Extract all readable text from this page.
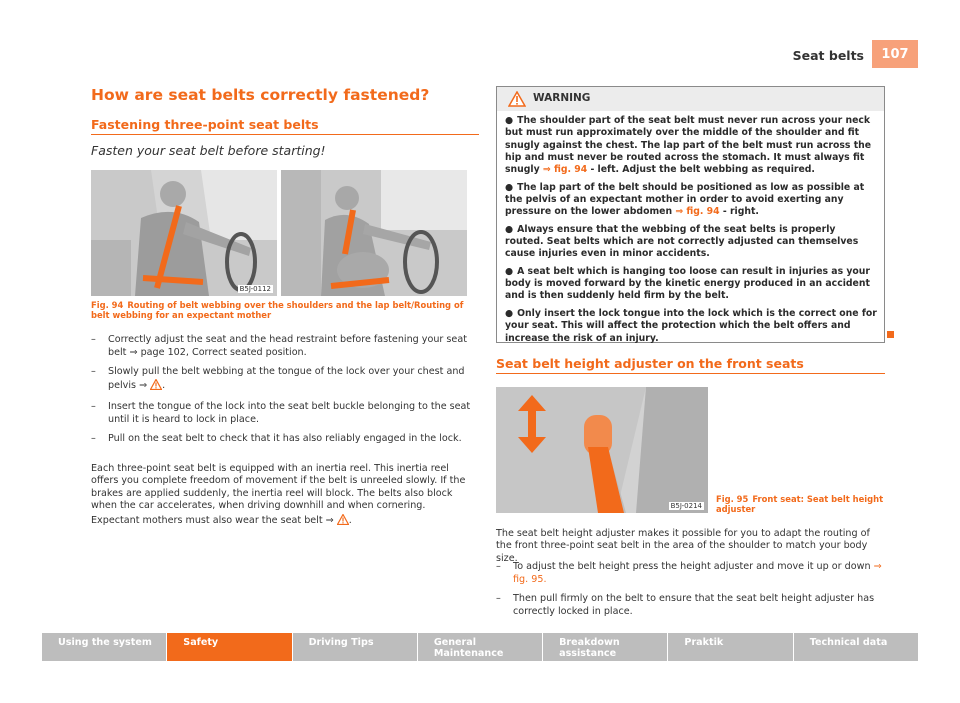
Seat belts	107
How are seat belts correctly fastened?
Fastening three-point seat belts
Fasten your seat belt before starting!
B5J-0112
Fig. 94 Routing of belt webbing over the shoulders and the lap belt/Routing of belt webbing for an expectant mother
– Correctly adjust the seat and the head restraint before fastening your seat belt ⇒ page 102, Correct seated position.
– Slowly pull the belt webbing at the tongue of the lock over your chest and pelvis ⇒ .
– Insert the tongue of the lock into the seat belt buckle belonging to the seat until it is heard to lock in place.
– Pull on the seat belt to check that it has also reliably engaged in the lock.

Each three-point seat belt is equipped with an inertia reel. This inertia reel offers you complete freedom of movement if the belt is unreeled slowly. If the brakes are applied suddenly, the inertia reel will block. The belts also block when the car accelerates, when driving downhill and when cornering.

Expectant mothers must also wear the seat belt ⇒ .

WARNING

● The shoulder part of the seat belt must never run across your neck but must run approximately over the middle of the shoulder and fit snugly against the chest. The lap part of the belt must run across the hip and must never be routed across the stomach. It must always fit snugly ⇒ fig. 94 - left. Adjust the belt webbing as required.

● The lap part of the belt should be positioned as low as possible at the pelvis of an expectant mother in order to avoid exerting any pressure on the lower abdomen ⇒ fig. 94 - right.

● Always ensure that the webbing of the seat belts is properly routed. Seat belts which are not correctly adjusted can themselves cause injuries even in minor accidents.

● A seat belt which is hanging too loose can result in injuries as your body is moved forward by the kinetic energy produced in an accident and is then suddenly held firm by the belt.

● Only insert the lock tongue into the lock which is the correct one for your seat. This will affect the protection which the belt offers and increase the risk of an injury.

Seat belt height adjuster on the front seats
B5J-0214
Fig. 95 Front seat: Seat belt height adjuster

The seat belt height adjuster makes it possible for you to adapt the routing of the front three-point seat belt in the area of the shoulder to match your body size.

– To adjust the belt height press the height adjuster and move it up or down ⇒ fig. 95.
– Then pull firmly on the belt to ensure that the seat belt height adjuster has correctly locked in place.
Using the system	Safety	Driving Tips	General Maintenance
Breakdown assistance
Praktik	Technical data
